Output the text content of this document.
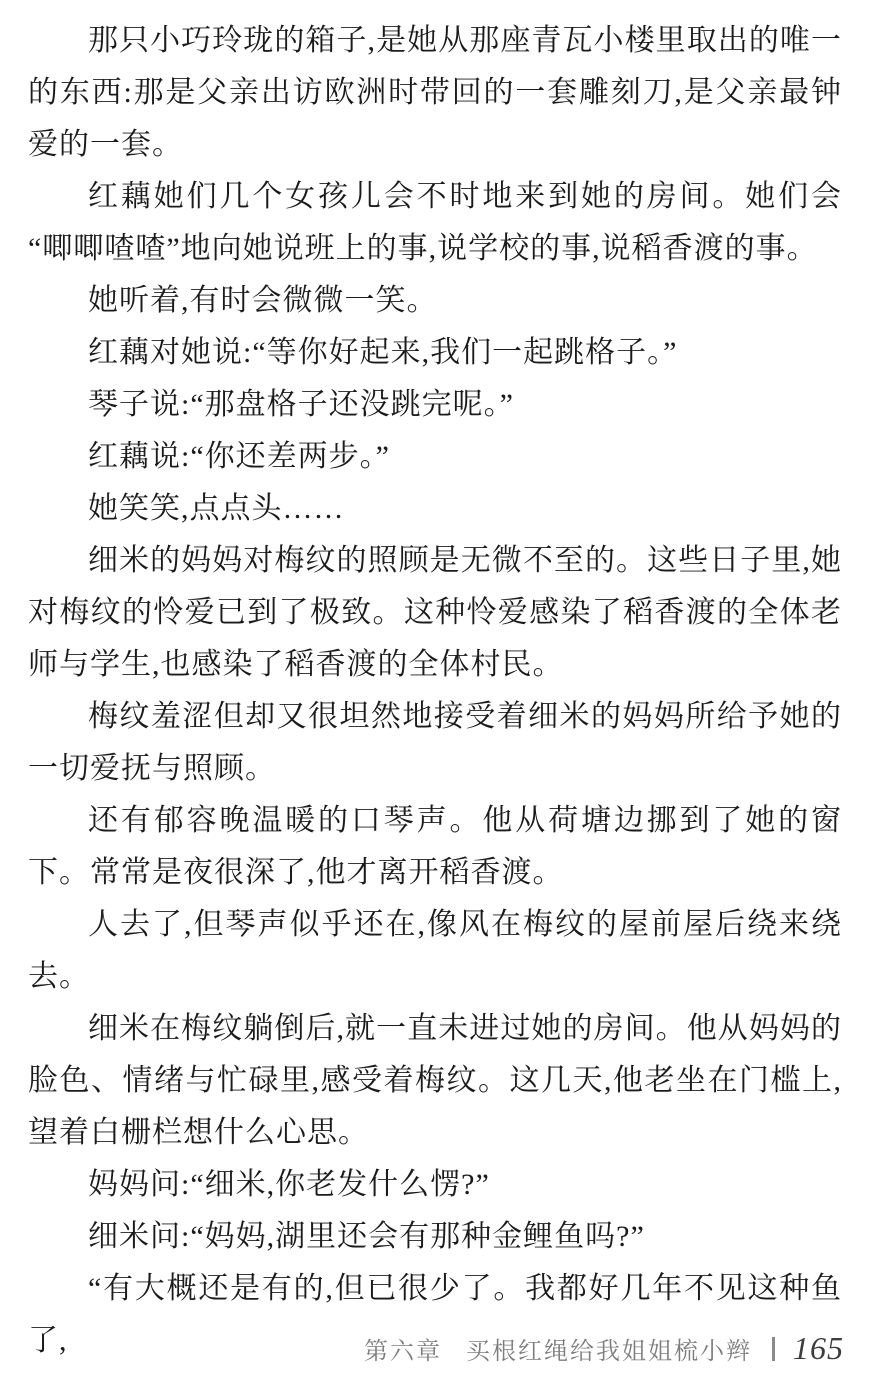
那只小巧玲珑的箱子,是她从那座青瓦小楼里取出的唯一的东西:那是父亲出访欧洲时带回的一套雕刻刀,是父亲最钟爱的一套。

红藕她们几个女孩儿会不时地来到她的房间。她们会“唧唧喳喳”地向她说班上的事,说学校的事,说稻香渡的事。

她听着,有时会微微一笑。

红藕对她说:“等你好起来,我们一起跳格子。”

琴子说:“那盘格子还没跳完呢。”

红藕说:“你还差两步。”

她笑笑,点点头……

细米的妈妈对梅纹的照顾是无微不至的。这些日子里,她对梅纹的怜爱已到了极致。这种怜爱感染了稻香渡的全体老师与学生,也感染了稻香渡的全体村民。

梅纹羞涩但却又很坦然地接受着细米的妈妈所给予她的一切爱抚与照顾。

还有郁容晚温暖的口琴声。他从荷塘边挪到了她的窗下。常常是夜很深了,他才离开稻香渡。

人去了,但琴声似乎还在,像风在梅纹的屋前屋后绕来绕去。

细米在梅纹躺倒后,就一直未进过她的房间。他从妈妈的脸色、情绪与忙碌里,感受着梅纹。这几天,他老坐在门槛上,望着白栅栏想什么心思。

妈妈问:“细米,你老发什么愣?”

细米问:“妈妈,湖里还会有那种金鲤鱼吗?”

“有大概还是有的,但已很少了。我都好几年不见这种鱼了,	第六章 买根红绳给我姐姐梳小辫 165
